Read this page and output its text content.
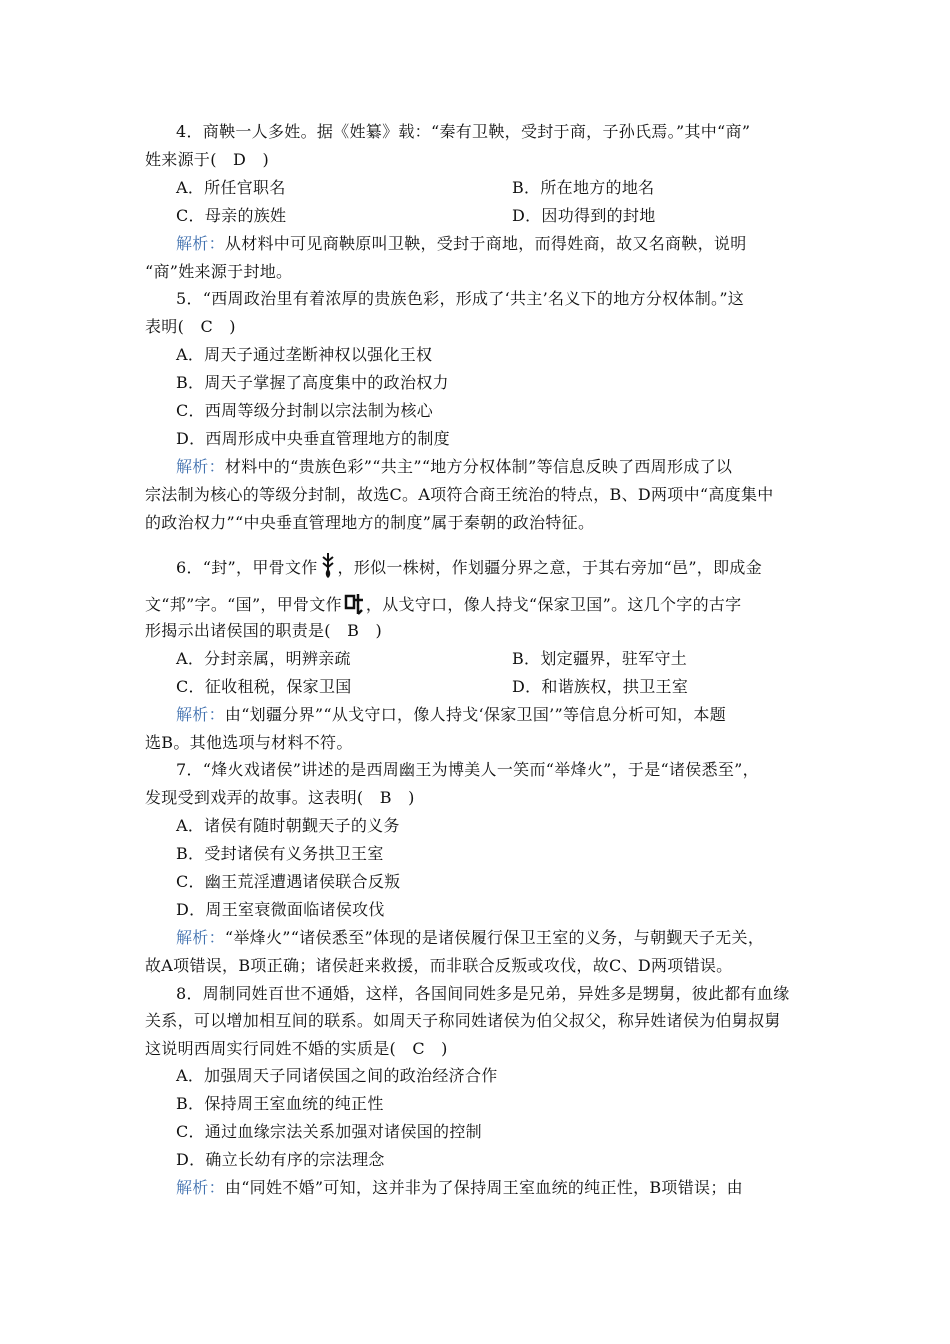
4．商鞅一人多姓。据《姓纂》载：“秦有卫鞅，受封于商，子孙氏焉。”其中“商”
姓来源于(　D　)
A．所任官职名	B．所在地方的地名
C．母亲的族姓	D．因功得到的封地
解析：从材料中可见商鞅原叫卫鞅，受封于商地，而得姓商，故又名商鞅，说明
“商”姓来源于封地。
5．“西周政治里有着浓厚的贵族色彩，形成了‘共主’名义下的地方分权体制。”这
表明(　C　)
A．周天子通过垄断神权以强化王权
B．周天子掌握了高度集中的政治权力
C．西周等级分封制以宗法制为核心
D．西周形成中央垂直管理地方的制度
解析：材料中的“贵族色彩”“共主”“地方分权体制”等信息反映了西周形成了以
宗法制为核心的等级分封制，故选C。A项符合商王统治的特点，B、D两项中“高度集中
的政治权力”“中央垂直管理地方的制度”属于秦朝的政治特征。
6．“封”，甲骨文作 ，形似一株树，作划疆分界之意，于其右旁加“邑”，即成金
文“邦”字。“国”，甲骨文作 ，从戈守口，像人持戈“保家卫国”。这几个字的古字
形揭示出诸侯国的职责是(　B　)
A．分封亲属，明辨亲疏	B．划定疆界，驻军守土
C．征收租税，保家卫国	D．和谐族权，拱卫王室
解析：由“划疆分界”“从戈守口，像人持戈‘保家卫国’”等信息分析可知，本题
选B。其他选项与材料不符。
7．“烽火戏诸侯”讲述的是西周幽王为博美人一笑而“举烽火”，于是“诸侯悉至”，
发现受到戏弄的故事。这表明(　B　)
A．诸侯有随时朝觐天子的义务
B．受封诸侯有义务拱卫王室
C．幽王荒淫遭遇诸侯联合反叛
D．周王室衰微面临诸侯攻伐
解析：“举烽火”“诸侯悉至”体现的是诸侯履行保卫王室的义务，与朝觐天子无关，
故A项错误，B项正确；诸侯赶来救援，而非联合反叛或攻伐，故C、D两项错误。
8．周制同姓百世不通婚，这样，各国间同姓多是兄弟，异姓多是甥舅，彼此都有血缘
关系，可以增加相互间的联系。如周天子称同姓诸侯为伯父叔父，称异姓诸侯为伯舅叔舅
这说明西周实行同姓不婚的实质是(　C　)
A．加强周天子同诸侯国之间的政治经济合作
B．保持周王室血统的纯正性
C．通过血缘宗法关系加强对诸侯国的控制
D．确立长幼有序的宗法理念
解析：由“同姓不婚”可知，这并非为了保持周王室血统的纯正性，B项错误；由
